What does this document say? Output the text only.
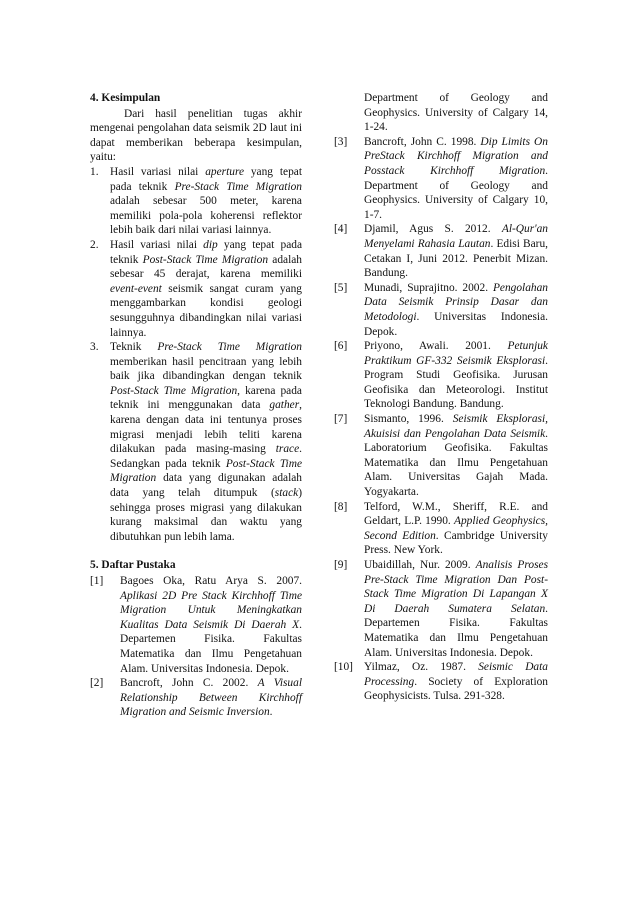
4. Kesimpulan

Dari hasil penelitian tugas akhir mengenai pengolahan data seismik 2D laut ini dapat memberikan beberapa kesimpulan, yaitu:

1. Hasil variasi nilai aperture yang tepat pada teknik Pre-Stack Time Migration adalah sebesar 500 meter, karena memiliki pola-pola koherensi reflektor lebih baik dari nilai variasi lainnya.
2. Hasil variasi nilai dip yang tepat pada teknik Post-Stack Time Migration adalah sebesar 45 derajat, karena memiliki event-event seismik sangat curam yang menggambarkan kondisi geologi sesungguhnya dibandingkan nilai variasi lainnya.
3. Teknik Pre-Stack Time Migration memberikan hasil pencitraan yang lebih baik jika dibandingkan dengan teknik Post-Stack Time Migration, karena pada teknik ini menggunakan data gather, karena dengan data ini tentunya proses migrasi menjadi lebih teliti karena dilakukan pada masing-masing trace. Sedangkan pada teknik Post-Stack Time Migration data yang digunakan adalah data yang telah ditumpuk (stack) sehingga proses migrasi yang dilakukan kurang maksimal dan waktu yang dibutuhkan pun lebih lama.
5. Daftar Pustaka
[1] Bagoes Oka, Ratu Arya S. 2007. Aplikasi 2D Pre Stack Kirchhoff Time Migration Untuk Meningkatkan Kualitas Data Seismik Di Daerah X. Departemen Fisika. Fakultas Matematika dan Ilmu Pengetahuan Alam. Universitas Indonesia. Depok.
[2] Bancroft, John C. 2002. A Visual Relationship Between Kirchhoff Migration and Seismic Inversion.

Department of Geology and Geophysics. University of Calgary 14, 1-24.

[3] Bancroft, John C. 1998. Dip Limits On PreStack Kirchhoff Migration and Posstack Kirchhoff Migration. Department of Geology and Geophysics. University of Calgary 10, 1-7.
[4] Djamil, Agus S. 2012. Al-Qur'an Menyelami Rahasia Lautan. Edisi Baru, Cetakan I, Juni 2012. Penerbit Mizan. Bandung.
[5] Munadi, Suprajitno. 2002. Pengolahan Data Seismik Prinsip Dasar dan Metodologi. Universitas Indonesia. Depok.
[6] Priyono, Awali. 2001. Petunjuk Praktikum GF-332 Seismik Eksplorasi. Program Studi Geofisika. Jurusan Geofisika dan Meteorologi. Institut Teknologi Bandung. Bandung.
[7] Sismanto, 1996. Seismik Eksplorasi, Akuisisi dan Pengolahan Data Seismik. Laboratorium Geofisika. Fakultas Matematika dan Ilmu Pengetahuan Alam. Universitas Gajah Mada. Yogyakarta.
[8] Telford, W.M., Sheriff, R.E. and Geldart, L.P. 1990. Applied Geophysics, Second Edition. Cambridge University Press. New York.
[9] Ubaidillah, Nur. 2009. Analisis Proses Pre-Stack Time Migration Dan Post-Stack Time Migration Di Lapangan X Di Daerah Sumatera Selatan. Departemen Fisika. Fakultas Matematika dan Ilmu Pengetahuan Alam. Universitas Indonesia. Depok.
[10] Yilmaz, Oz. 1987. Seismic Data Processing. Society of Exploration Geophysicists. Tulsa. 291-328.
